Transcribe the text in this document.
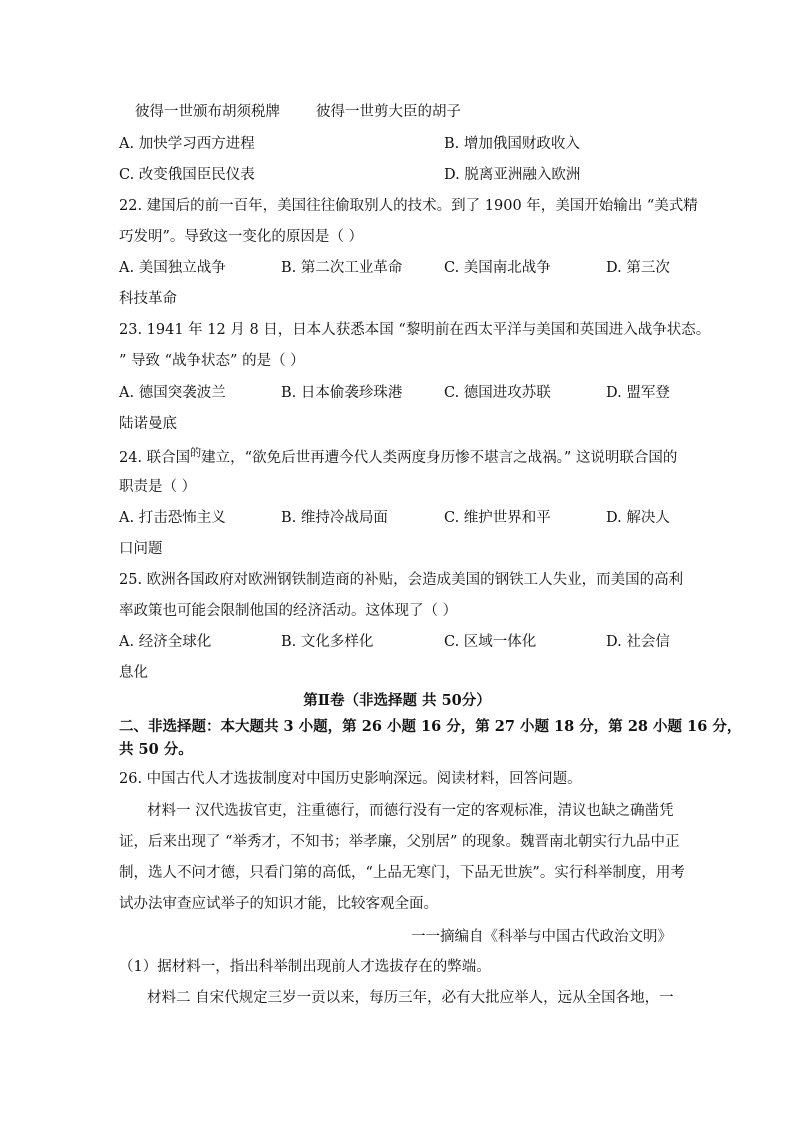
彼得一世颁布胡须税牌 彼得一世剪大臣的胡子
A. 加快学习西方进程	B. 增加俄国财政收入
C. 改变俄国臣民仪表	D. 脱离亚洲融入欧洲
22. 建国后的前一百年，美国往往偷取别人的技术。到了 1900 年，美国开始输出 “美式精
巧发明”。导致这一变化的原因是（ ）
A. 美国独立战争	B. 第二次工业革命	C. 美国南北战争	D. 第三次
科技革命
23. 1941 年 12 月 8 日，日本人获悉本国 “黎明前在西太平洋与美国和英国进入战争状态。
” 导致 “战争状态” 的是（ ）
A. 德国突袭波兰	B. 日本偷袭珍珠港	C. 德国进攻苏联	D. 盟军登
陆诺曼底
24. 联合国$^的$建立，“欲免后世再遭今代人类两度身历惨不堪言之战祸。” 这说明联合国的
职责是（ ）
A. 打击恐怖主义	B. 维持冷战局面	C. 维护世界和平	D. 解决人
口问题
25. 欧洲各国政府对欧洲钢铁制造商的补贴，会造成美国的钢铁工人失业，而美国的高利
率政策也可能会限制他国的经济活动。这体现了（ ）
A. 经济全球化	B. 文化多样化	C. 区域一体化	D. 社会信
息化
第Ⅱ卷（非选择题 共 50分）
二、非选择题：本大题共 3 小题，第 26 小题 16 分，第 27 小题 18 分，第 28 小题 16 分，
共 50 分。
26. 中国古代人才选拔制度对中国历史影响深远。阅读材料，回答问题。
材料一 汉代选拔官吏，注重德行，而德行没有一定的客观标准，清议也缺之确凿凭
证，后来出现了 “举秀才，不知书；举孝廉，父别居” 的现象。魏晋南北朝实行九品中正
制，选人不问才德，只看门第的高低，“上品无寒门，下品无世族”。实行科举制度，用考
试办法审查应试举子的知识才能，比较客观全面。
一一摘编自《科举与中国古代政治文明》
（1）据材料一，指出科举制出现前人才选拔存在的弊端。
材料二 自宋代规定三岁一贡以来，每历三年，必有大批应举人，远从全国各地，一
